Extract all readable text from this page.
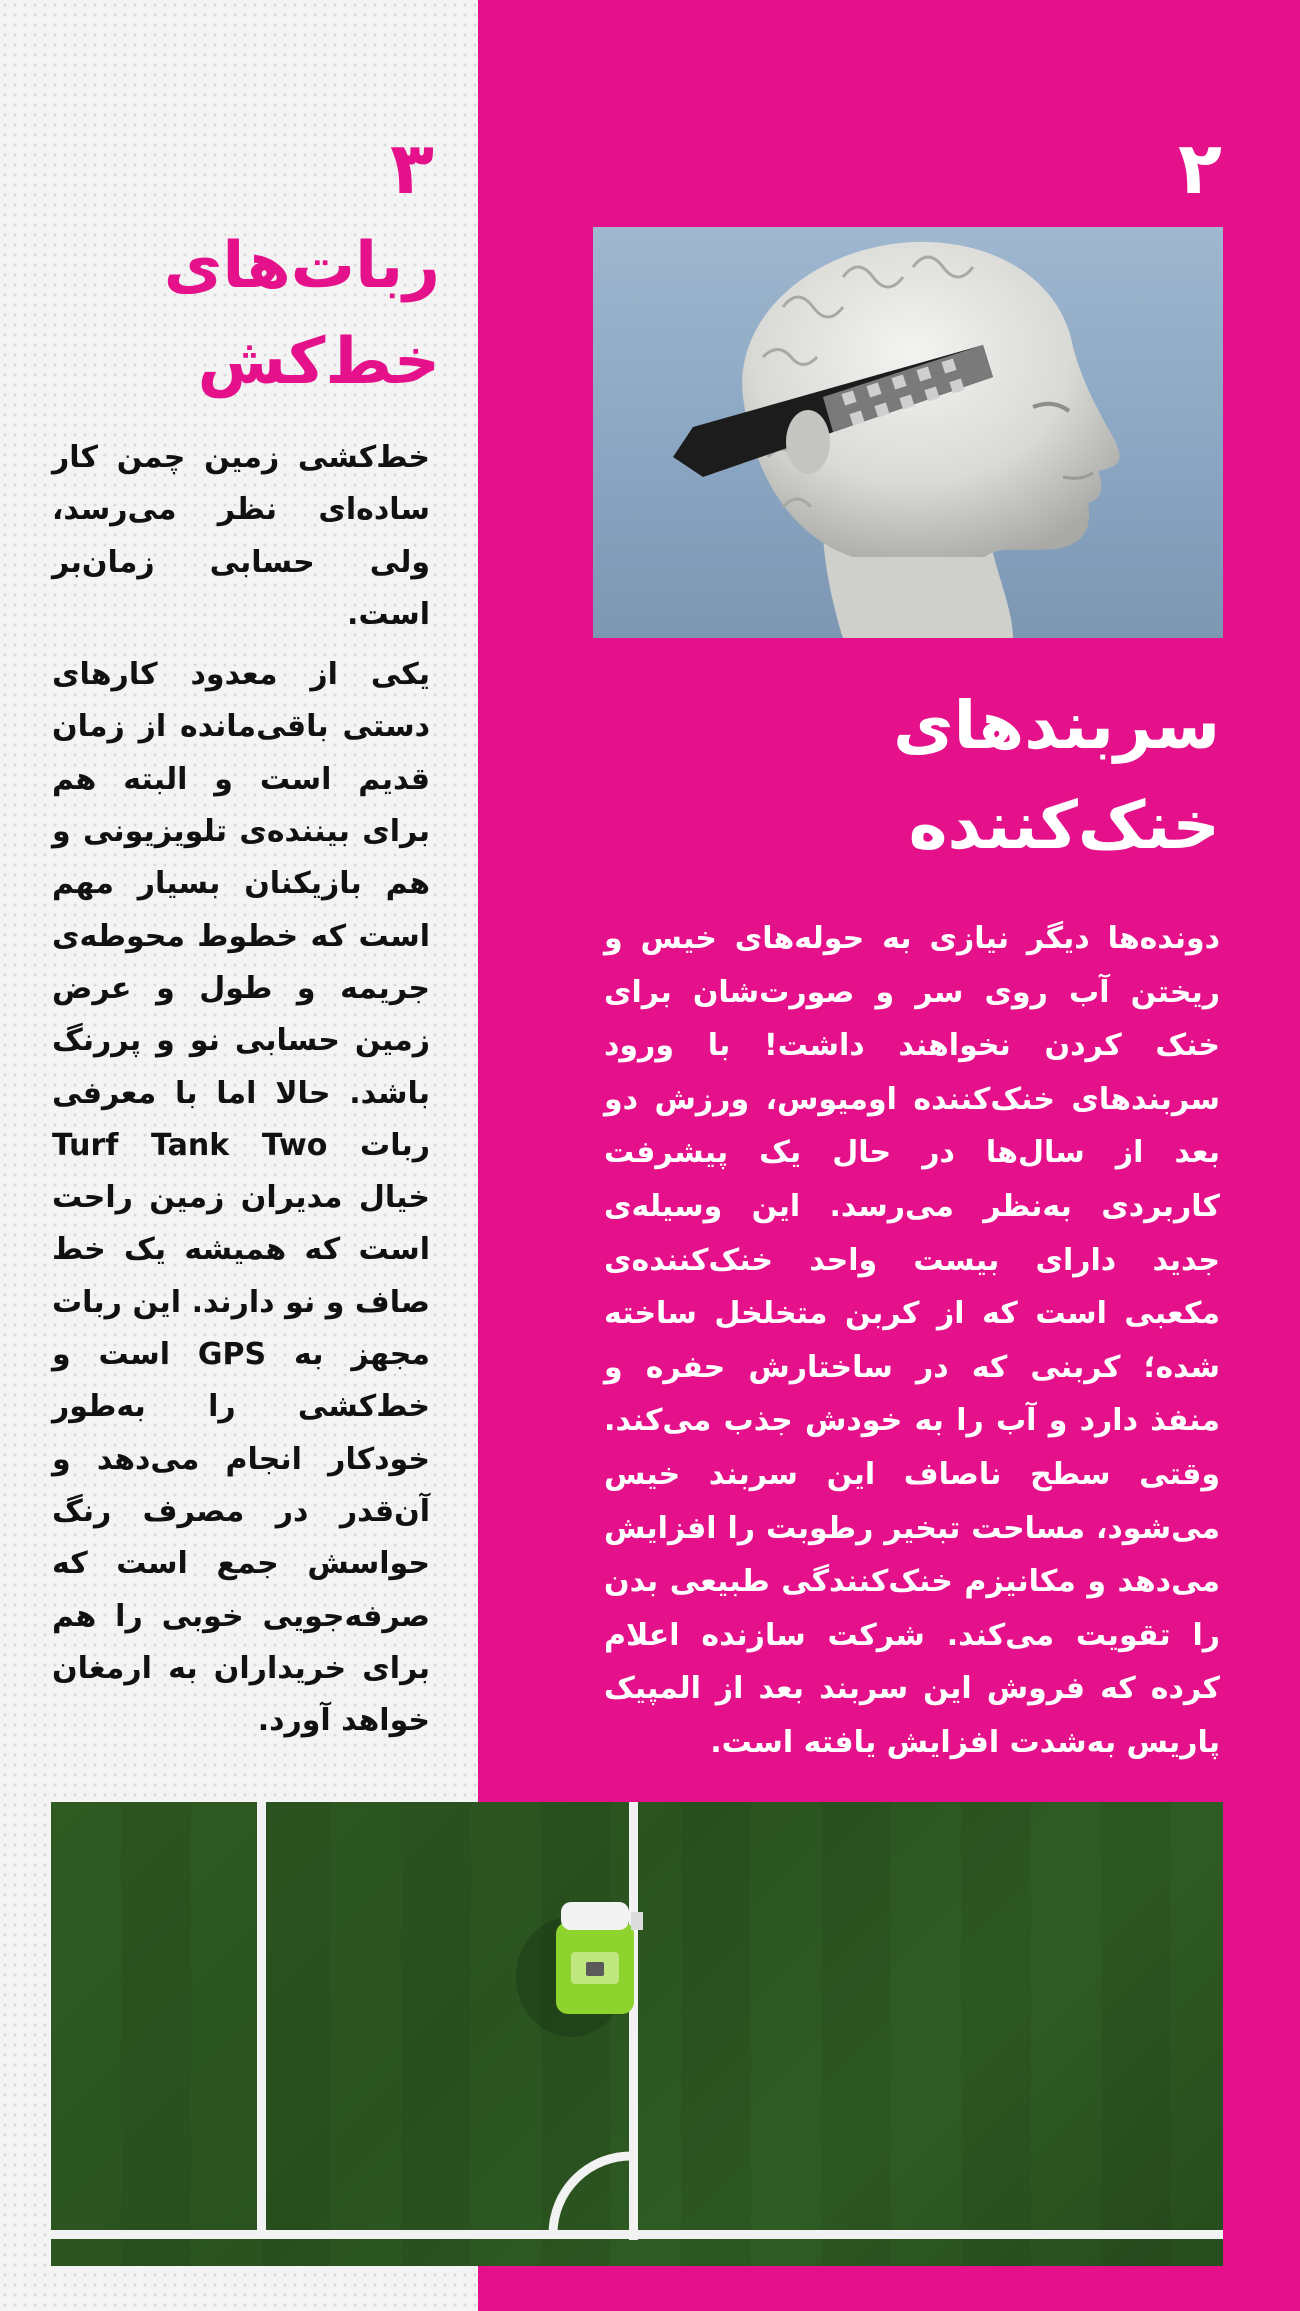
۲
سربندهای
خنک‌کننده
دونده‌ها دیگر نیازی به حوله‌های خیس و ریختن آب روی سر و صورت‌شان برای خنک کردن نخواهند داشت! با ورود سربندهای خنک‌کننده اومیوس، ورزش دو بعد از سال‌ها در حال یک پیشرفت کاربردی به‌نظر می‌رسد. این وسیله‌ی جدید دارای بیست واحد خنک‌کننده‌ی مکعبی است که از کربن متخلخل ساخته شده؛ کربنی که در ساختارش حفره و منفذ دارد و آب را به خودش جذب می‌کند. وقتی سطح ناصاف این سربند خیس می‌شود، مساحت تبخیر رطوبت را افزایش می‌دهد و مکانیزم خنک‌کنندگی طبیعی بدن را تقویت می‌کند. شرکت سازنده اعلام کرده که فروش این سربند بعد از المپیک پاریس به‌شدت افزایش یافته است.
۳
ربات‌های
خط‌کش

خط‌کشی زمین چمن کار ساده‌ای نظر می‌رسد، ولی حسابی زمان‌بر است.

یکی از معدود کارهای دستی باقی‌مانده از زمان قدیم است و البته هم برای بیننده‌ی تلویزیونی و هم بازیکنان بسیار مهم است که خطوط محوطه‌ی جریمه و طول و عرض زمین حسابی نو و پررنگ باشد. حالا اما با معرفی ربات Turf Tank Two خیال مدیران زمین راحت است که همیشه یک خط صاف و نو دارند. این ربات مجهز به GPS است و خط‌کشی را به‌طور خودکار انجام می‌دهد و آن‌قدر در مصرف رنگ حواسش جمع است که صرفه‌جویی خوبی را هم برای خریداران به ارمغان خواهد آورد.
